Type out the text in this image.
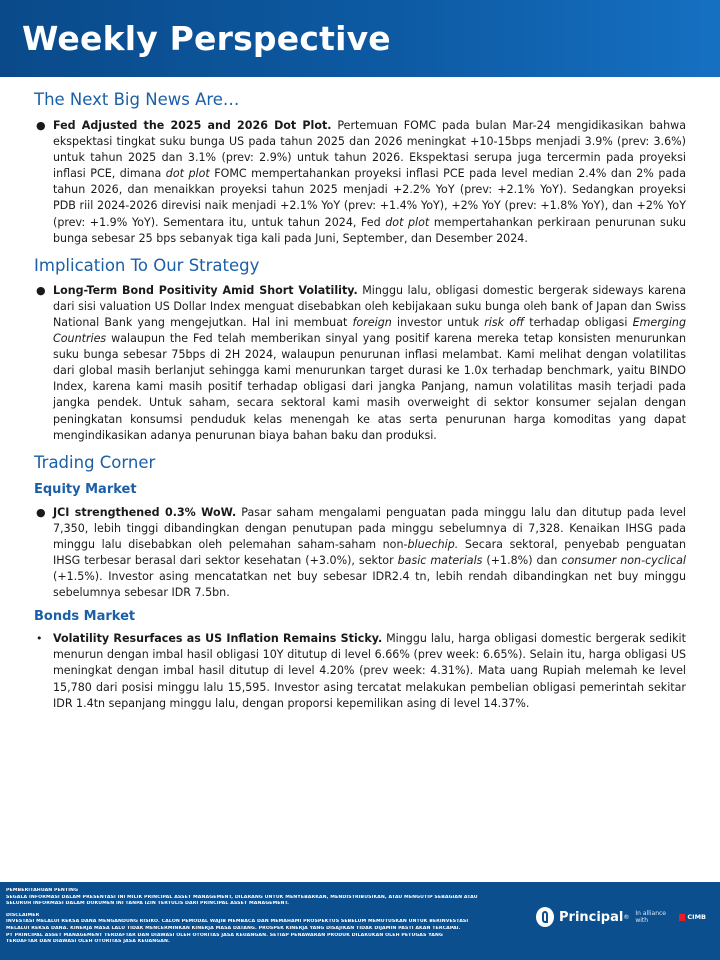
Weekly Perspective
The Next Big News Are…
● Fed Adjusted the 2025 and 2026 Dot Plot. Pertemuan FOMC pada bulan Mar-24 mengidikasikan bahwa ekspektasi tingkat suku bunga US pada tahun 2025 dan 2026 meningkat +10-15bps menjadi 3.9% (prev: 3.6%) untuk tahun 2025 dan 3.1% (prev: 2.9%) untuk tahun 2026. Ekspektasi serupa juga tercermin pada proyeksi inflasi PCE, dimana dot plot FOMC mempertahankan proyeksi inflasi PCE pada level median 2.4% dan 2% pada tahun 2026, dan menaikkan proyeksi tahun 2025 menjadi +2.2% YoY (prev: +2.1% YoY). Sedangkan proyeksi PDB riil 2024-2026 direvisi naik menjadi +2.1% YoY (prev: +1.4% YoY), +2% YoY (prev: +1.8% YoY), dan +2% YoY (prev: +1.9% YoY). Sementara itu, untuk tahun 2024, Fed dot plot mempertahankan perkiraan penurunan suku bunga sebesar 25 bps sebanyak tiga kali pada Juni, September, dan Desember 2024.
Implication To Our Strategy
● Long-Term Bond Positivity Amid Short Volatility. Minggu lalu, obligasi domestic bergerak sideways karena dari sisi valuation US Dollar Index menguat disebabkan oleh kebijakaan suku bunga oleh bank of Japan dan Swiss National Bank yang mengejutkan. Hal ini membuat foreign investor untuk risk off terhadap obligasi Emerging Countries walaupun the Fed telah memberikan sinyal yang positif karena mereka tetap konsisten menurunkan suku bunga sebesar 75bps di 2H 2024, walaupun penurunan inflasi melambat. Kami melihat dengan volatilitas dari global masih berlanjut sehingga kami menurunkan target durasi ke 1.0x terhadap benchmark, yaitu BINDO Index, karena kami masih positif terhadap obligasi dari jangka Panjang, namun volatilitas masih terjadi pada jangka pendek. Untuk saham, secara sektoral kami masih overweight di sektor konsumer sejalan dengan peningkatan konsumsi penduduk kelas menengah ke atas serta penurunan harga komoditas yang dapat mengindikasikan adanya penurunan biaya bahan baku dan produksi.
Trading Corner
Equity Market
● JCI strengthened 0.3% WoW. Pasar saham mengalami penguatan pada minggu lalu dan ditutup pada level 7,350, lebih tinggi dibandingkan dengan penutupan pada minggu sebelumnya di 7,328. Kenaikan IHSG pada minggu lalu disebabkan oleh pelemahan saham-saham non-bluechip. Secara sektoral, penyebab penguatan IHSG terbesar berasal dari sektor kesehatan (+3.0%), sektor basic materials (+1.8%) dan consumer non-cyclical (+1.5%). Investor asing mencatatkan net buy sebesar IDR2.4 tn, lebih rendah dibandingkan net buy minggu sebelumnya sebesar IDR 7.5bn.
Bonds Market
• Volatility Resurfaces as US Inflation Remains Sticky. Minggu lalu, harga obligasi domestic bergerak sedikit menurun dengan imbal hasil obligasi 10Y ditutup di level 6.66% (prev week: 6.65%). Selain itu, harga obligasi US meningkat dengan imbal hasil ditutup di level 4.20% (prev week: 4.31%). Mata uang Rupiah melemah ke level 15,780 dari posisi minggu lalu 15,595. Investor asing tercatat melakukan pembelian obligasi pemerintah sekitar IDR 1.4tn sepanjang minggu lalu, dengan proporsi kepemilikan asing di level 14.37%.
PEMBERITAHUAN PENTING
SEGALA INFORMASI DALAM PRESENTASI INI MILIK PRINCIPAL ASSET MANAGEMENT, DILARANG UNTUK MENYEBARKAN, MENDISTRIBUSIKAN, ATAU MENGUTIP SEBAGIAN ATAU
SELURUH INFORMASI DALAM DOKUMEN INI TANPA IZIN TERTULIS DARI PRINCIPAL ASSET MANAGEMENT.
DISCLAIMER
INVESTASI MELALUI REKSA DANA MENGANDUNG RISIKO. CALON PEMODAL WAJIB MEMBACA DAN MEMAHAMI PROSPEKTUS SEBELUM MEMUTUSKAN UNTUK BERINVESTASI
MELALUI REKSA DANA. KINERJA MASA LALU TIDAK MENCERMINKAN KINERJA MASA DATANG. PROSPEK KINERJA YANG DISAJIKAN TIDAK DIJAMIN PASTI AKAN TERCAPAI.
PT PRINCIPAL ASSET MANAGEMENT TERDAFTAR DAN DIAWASI OLEH OTORITAS JASA KEUANGAN. SETIAP PENAWARAN PRODUK DILAKUKAN OLEH PETUGAS YANG
TERDAFTAR DAN DIAWASI OLEH OTORITAS JASA KEUANGAN.
Principal ® In alliance with	CIMB
